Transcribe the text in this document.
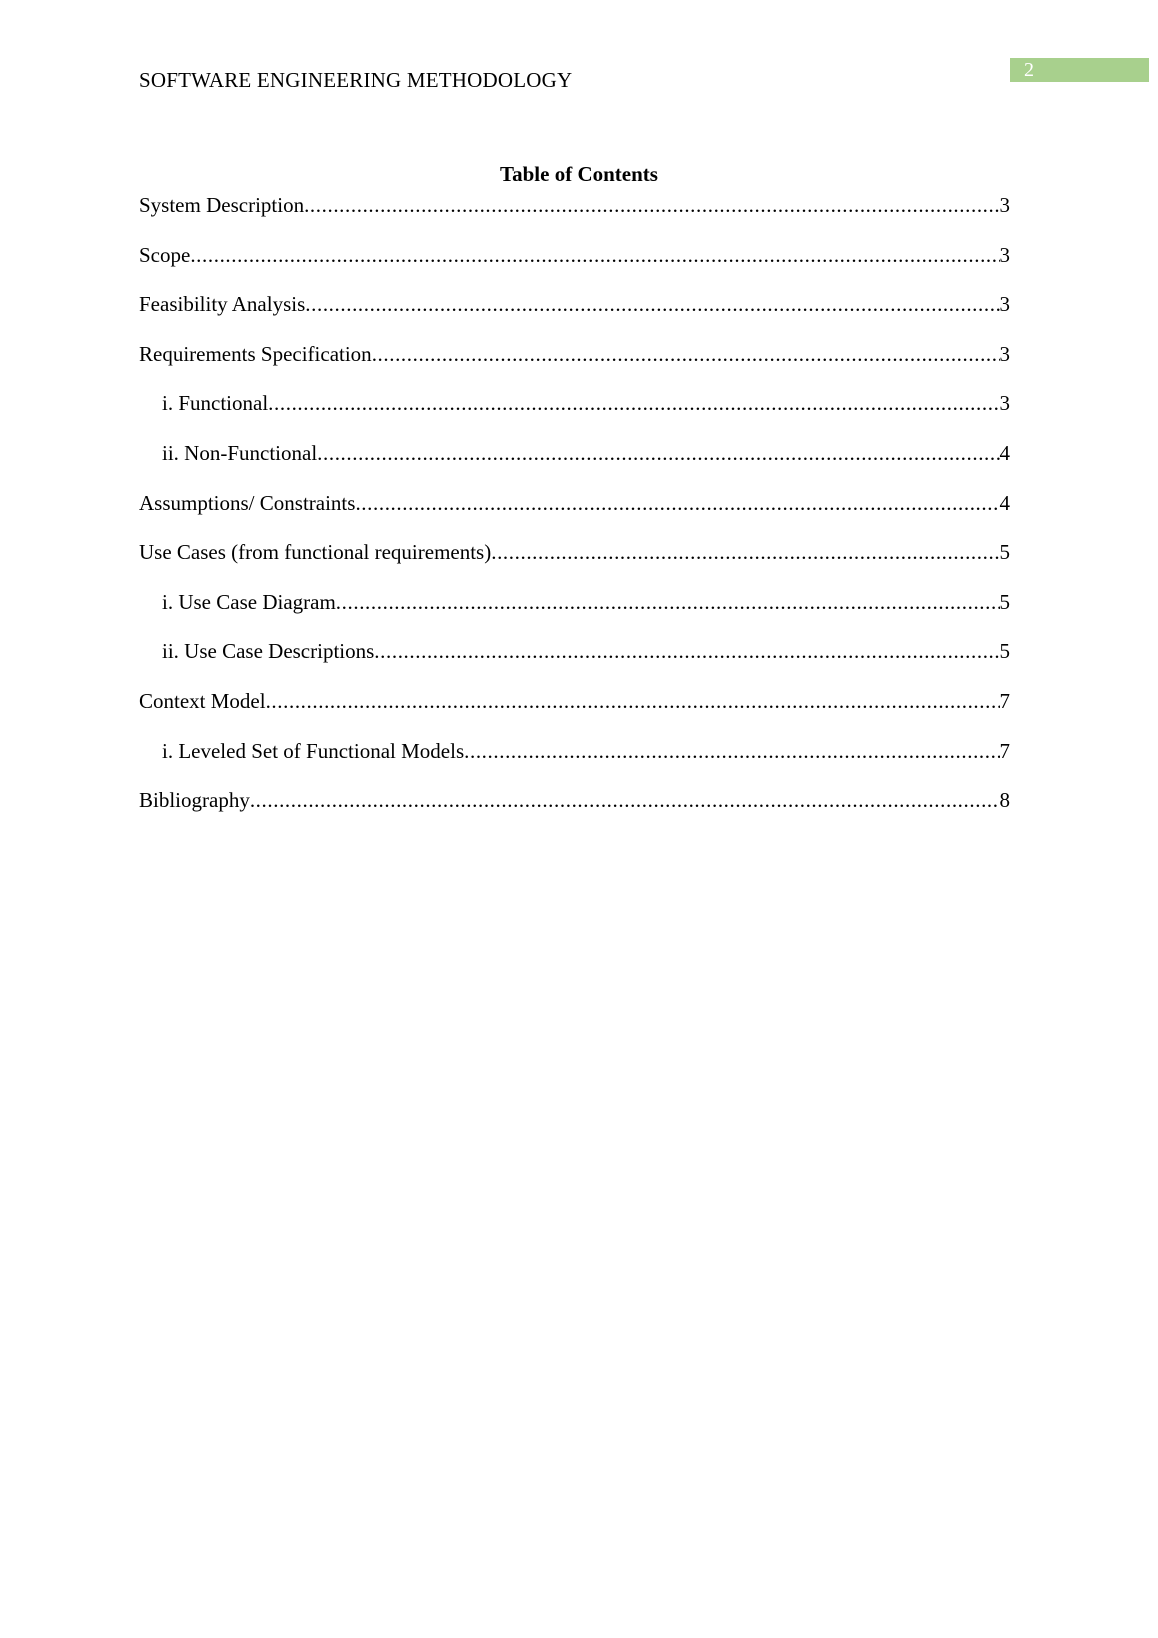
SOFTWARE ENGINEERING METHODOLOGY	2
Table of Contents
System Description .....	3
Scope .....	3
Feasibility Analysis .....	3
Requirements Specification .....	3
i. Functional .....	3
ii. Non-Functional .....	4
Assumptions/ Constraints .....	4
Use Cases (from functional requirements) .....	5
i. Use Case Diagram .....	5
ii. Use Case Descriptions .....	5
Context Model .....	7
i. Leveled Set of Functional Models .....	7
Bibliography .....	8
